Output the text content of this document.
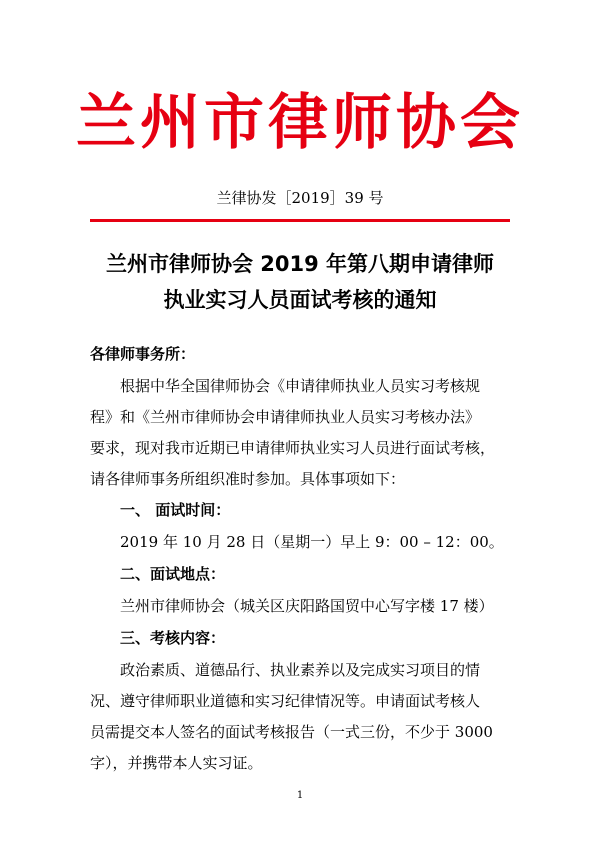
兰州市律师协会
兰律协发［2019］39 号
兰州市律师协会 2019 年第八期申请律师
执业实习人员面试考核的通知
各律师事务所：
根据中华全国律师协会《申请律师执业人员实习考核规
程》和《兰州市律师协会申请律师执业人员实习考核办法》
要求，现对我市近期已申请律师执业实习人员进行面试考核，
请各律师事务所组织准时参加。具体事项如下：
一、 面试时间：
2019 年 10 月 28 日（星期一）早上 9：00 – 12：00。
二、面试地点：
兰州市律师协会（城关区庆阳路国贸中心写字楼 17 楼）
三、考核内容：
政治素质、道德品行、执业素养以及完成实习项目的情
况、遵守律师职业道德和实习纪律情况等。申请面试考核人
员需提交本人签名的面试考核报告（一式三份，不少于 3000
字），并携带本人实习证。
1
